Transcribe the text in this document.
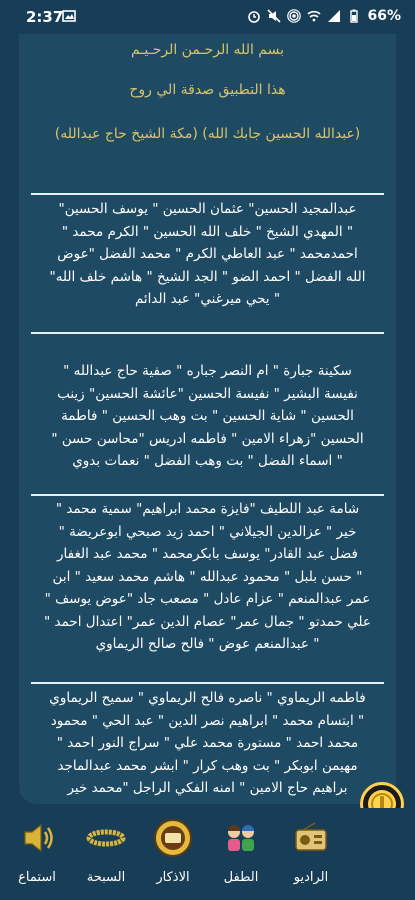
2:37	66%
بسم الله الرحـمن الرحـيـم
هذا التطبيق صدقة الي روح
(عبدالله الحسين جابك الله) (مكة الشيخ حاج عبدالله)
عبدالمجيد الحسين" عثمان الحسين " يوسف الحسين"
" المهدي الشيخ " خلف الله الحسين " الكرم محمد "
احمدمحمد " عبد العاطي الكرم " محمد الفضل "عوض
الله الفضل " احمد الضو " الجد الشيخ " هاشم خلف الله"
" يحي ميرغني" عبد الدائم
سكينة جبارة " ام النصر جباره " صفية حاج عبدالله "
نفيسة البشير " نفيسة الحسين "عائشة الحسين" زينب
الحسين " شاية الحسين " بت وهب الحسين " فاطمة
الحسين "زهراء الامين " فاطمه ادريس "محاسن حسن "
" اسماء الفضل " بت وهب الفضل " نعمات بدوي
شامة عبد اللطيف "فايزة محمد ابراهيم" سمية محمد "
خير " عزالدين الجيلاني " احمد زيد صبحي ابوعريضة "
فضل عبد القادر" يوسف بابكرمحمد " محمد عبد الغفار
" حسن بلبل " محمود عبدالله " هاشم محمد سعيد " ابن
عمر عبدالمنعم " عزام عادل " مصعب جاد "عوض يوسف "
علي حمدتو " جمال عمر" عصام الدين عمر" اعتدال احمد "
" عبدالمنعم عوض " فالح صالح الريماوي
فاطمه الريماوي " ناصره فالح الريماوي " سميح الريماوي
" ابتسام محمد " ابراهيم نصر الدين " عبد الحي " محمود
محمد احمد " مستورة محمد علي " سراج النور احمد "
مهيمن ابوبكر " بت وهب كرار " ابشر محمد عبدالماجد
براهيم حاج الامين " امنه الفكي الراجل "محمد خير
استماع	السبحة	الاذكار	الطفل	الراديو
